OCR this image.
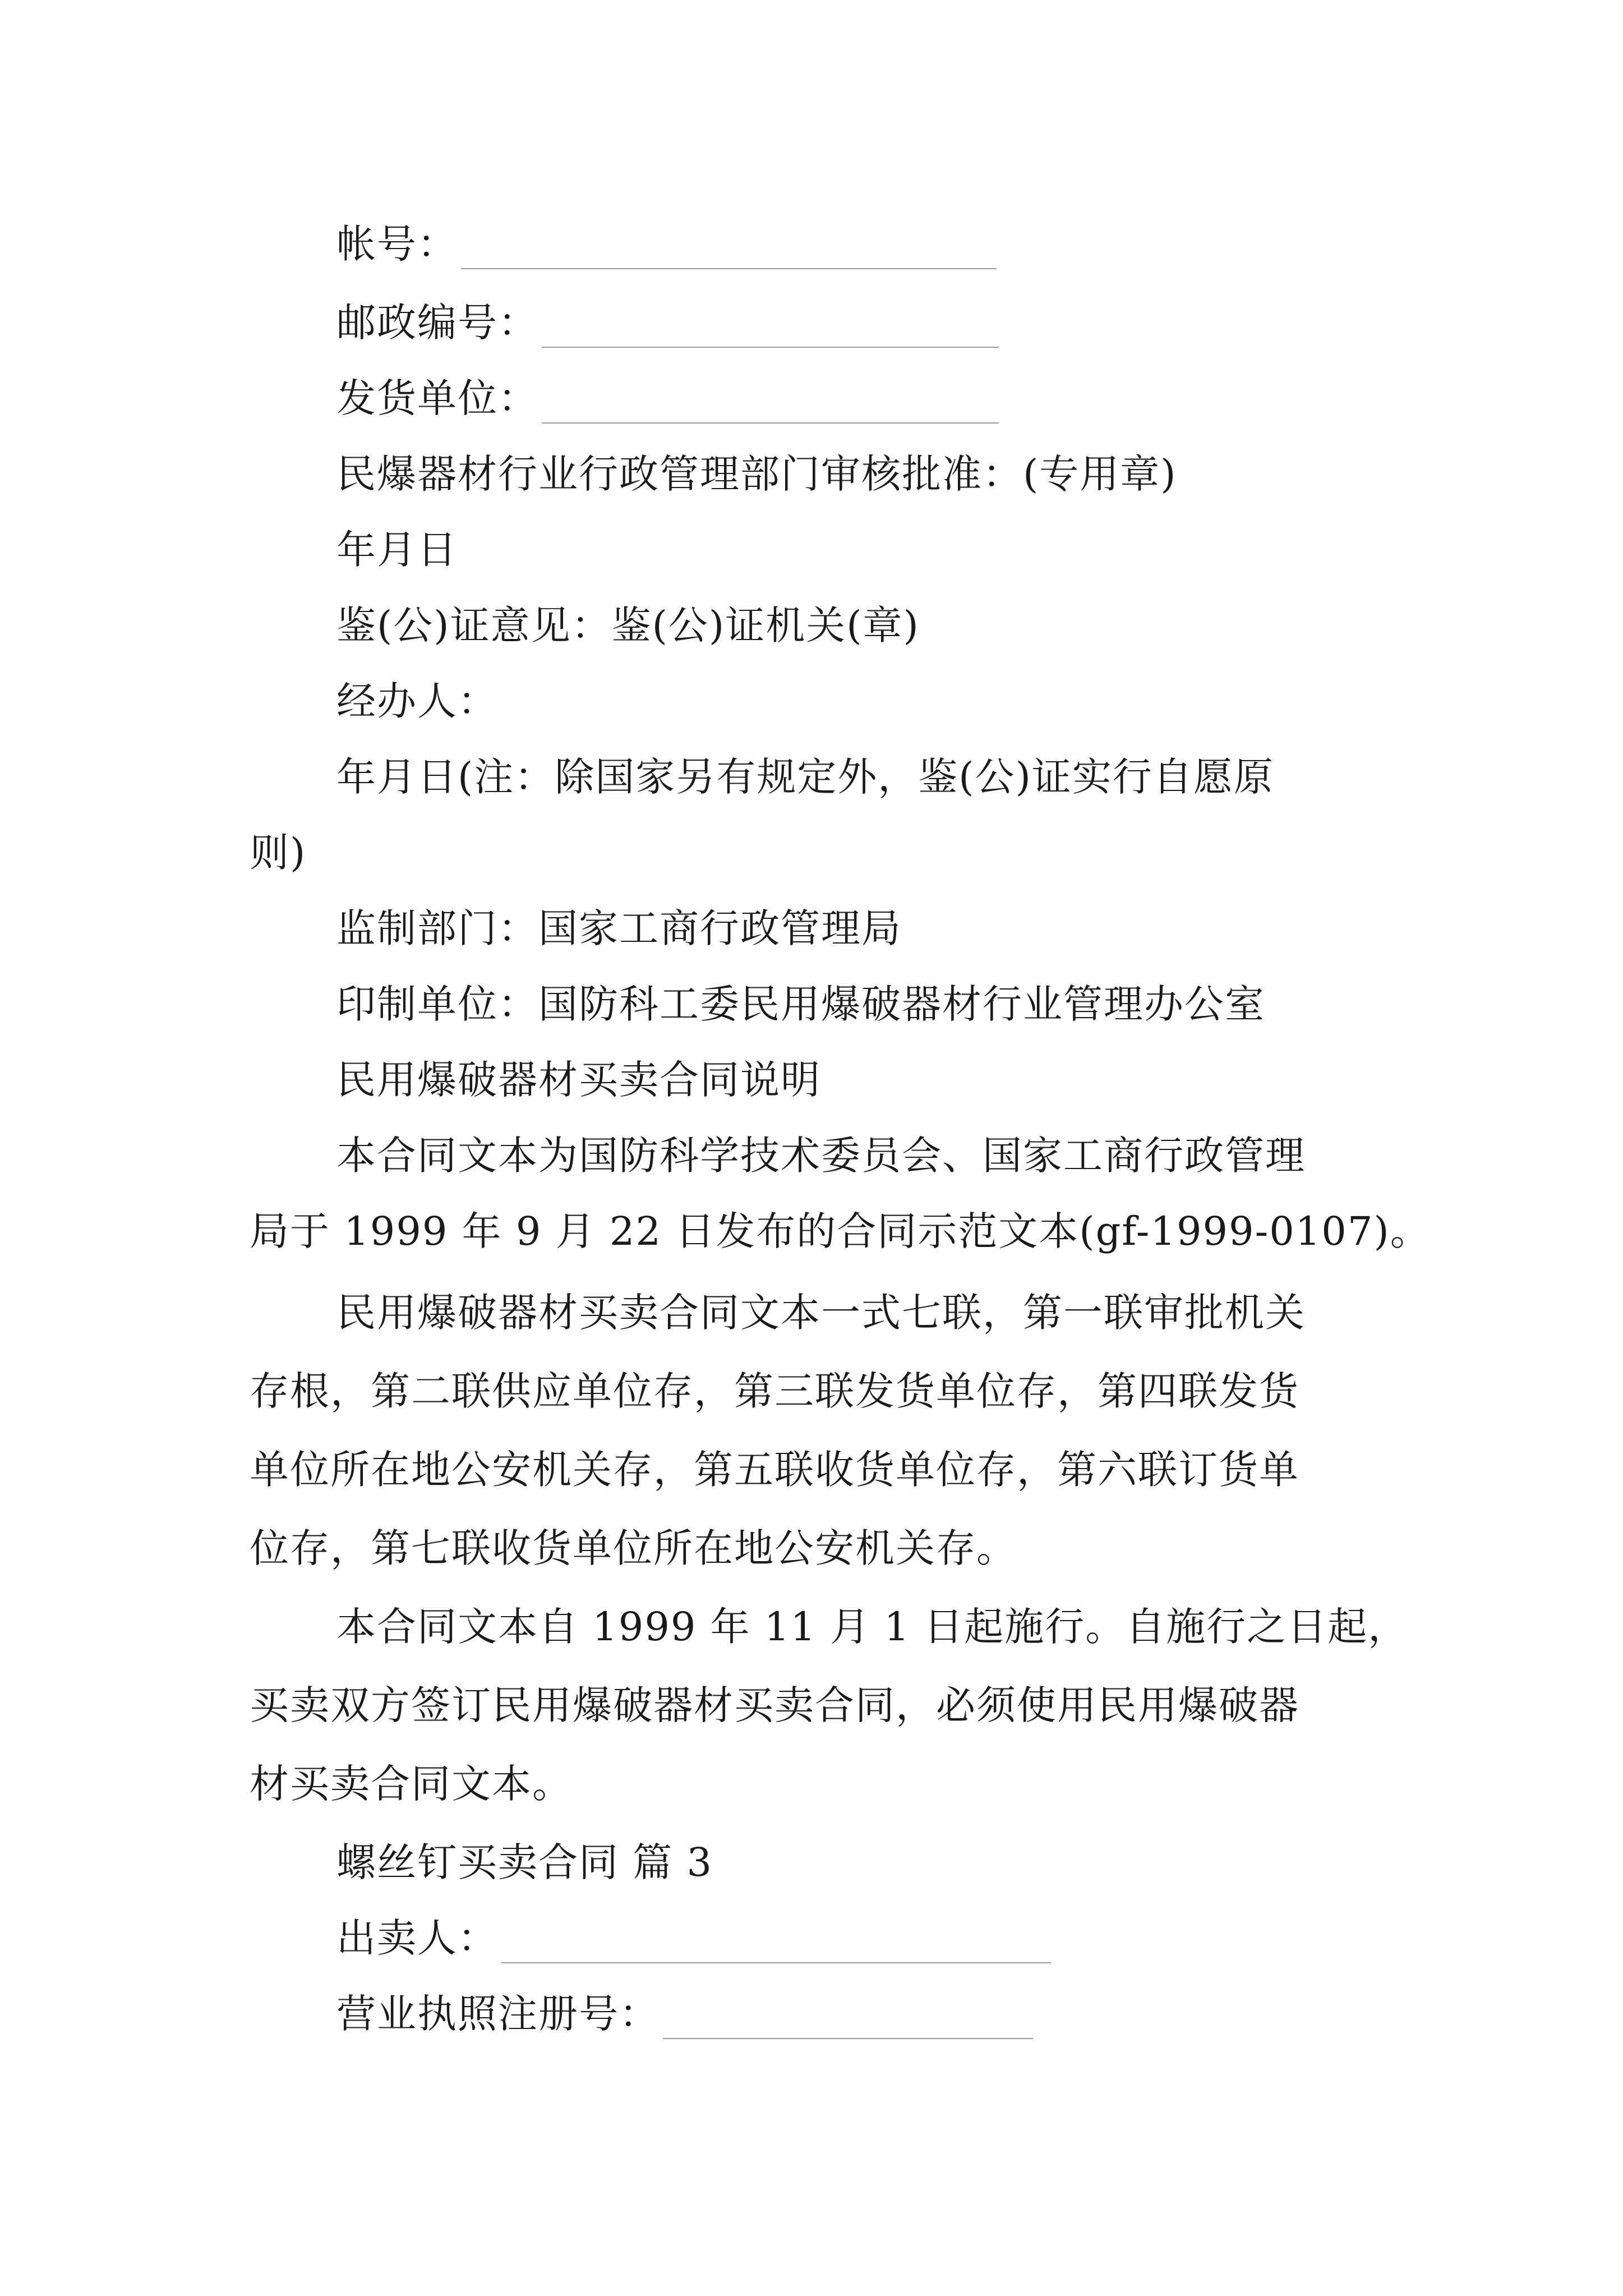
帐号：
邮政编号：
发货单位：
民爆器材行业行政管理部门审核批准：(专用章)
年月日
鉴(公)证意见：鉴(公)证机关(章)
经办人：
年月日(注：除国家另有规定外，鉴(公)证实行自愿原
则)
监制部门：国家工商行政管理局
印制单位：国防科工委民用爆破器材行业管理办公室
民用爆破器材买卖合同说明
本合同文本为国防科学技术委员会、国家工商行政管理
局于 1999 年 9 月 22 日发布的合同示范文本(gf-1999-0107)。
民用爆破器材买卖合同文本一式七联，第一联审批机关
存根，第二联供应单位存，第三联发货单位存，第四联发货
单位所在地公安机关存，第五联收货单位存，第六联订货单
位存，第七联收货单位所在地公安机关存。
本合同文本自 1999 年 11 月 1 日起施行。自施行之日起，
买卖双方签订民用爆破器材买卖合同，必须使用民用爆破器
材买卖合同文本。
螺丝钉买卖合同 篇 3
出卖人：
营业执照注册号：
